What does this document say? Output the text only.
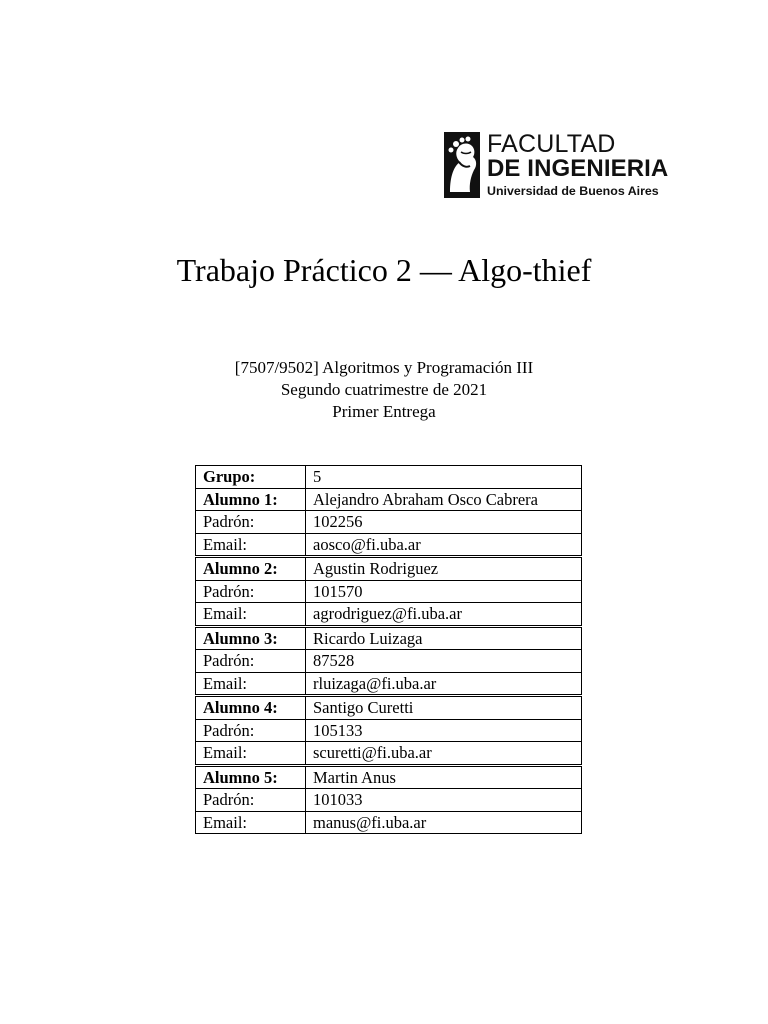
FACULTAD
DE INGENIERIA
Universidad de Buenos Aires
Trabajo Práctico 2 — Algo-thief
[7507/9502] Algoritmos y Programación III
Segundo cuatrimestre de 2021
Primer Entrega
Grupo:	5
Alumno 1:	Alejandro Abraham Osco Cabrera
Padrón:	102256
Email:	aosco@fi.uba.ar
Alumno 2:	Agustin Rodriguez
Padrón:	101570
Email:	agrodriguez@fi.uba.ar
Alumno 3:	Ricardo Luizaga
Padrón:	87528
Email:	rluizaga@fi.uba.ar
Alumno 4:	Santigo Curetti
Padrón:	105133
Email:	scuretti@fi.uba.ar
Alumno 5:	Martin Anus
Padrón:	101033
Email:	manus@fi.uba.ar
